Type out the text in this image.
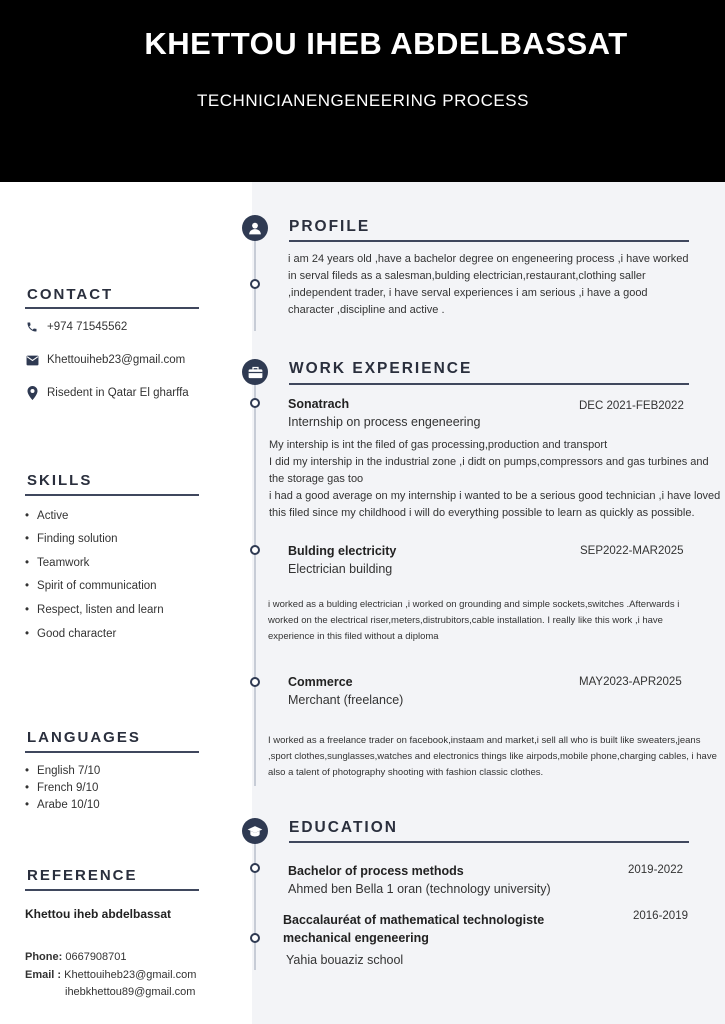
KHETTOU IHEB ABDELBASSAT
TECHNICIANENGENEERING PROCESS
CONTACT
+974 71545562
Khettouiheb23@gmail.com
Risedent in Qatar El gharffa
SKILLS
• Active
• Finding solution
• Teamwork
• Spirit of communication
• Respect, listen and learn
• Good character
LANGUAGES
• English 7/10
• French 9/10
• Arabe 10/10
REFERENCE
Khettou iheb abdelbassat
Phone: 0667908701
Email : Khettouiheb23@gmail.com
ihebkhettou89@gmail.com
PROFILE
i am 24 years old ,have a bachelor degree on engeneering process ,i have worked in serval fileds as a salesman,bulding electrician,restaurant,clothing saller ,independent trader, i have serval experiences i am serious ,i have a good character ,discipline and active .
WORK EXPERIENCE
Sonatrach	DEC 2021-FEB2022
Internship on process engeneering
My intership is int the filed of gas processing,production and transport
I did my intership in the industrial zone ,i didt on pumps,compressors and gas turbines and the storage gas too
i had a good average on my internship i wanted to be a serious good technician ,i have loved this filed since my childhood i will do everything possible to learn as quickly as possible.
Bulding electricity	SEP2022-MAR2025
Electrician building
i worked as a bulding electrician ,i worked on grounding and simple sockets,switches .Afterwards i worked on the electrical riser,meters,distrubitors,cable installation. I really like this work ,i have experience in this filed without a diploma
Commerce	MAY2023-APR2025
Merchant (freelance)
I worked as a freelance trader on facebook,instaam and market,i sell all who is built like sweaters,jeans ,sport clothes,sunglasses,watches and electronics things like airpods,mobile phone,charging cables, i have also a talent of photography shooting with fashion classic clothes.
EDUCATION
Bachelor of process methods	2019-2022
Ahmed ben Bella 1 oran (technology university)
Baccalauréat of mathematical technologiste mechanical engeneering
2016-2019
Yahia bouaziz school
